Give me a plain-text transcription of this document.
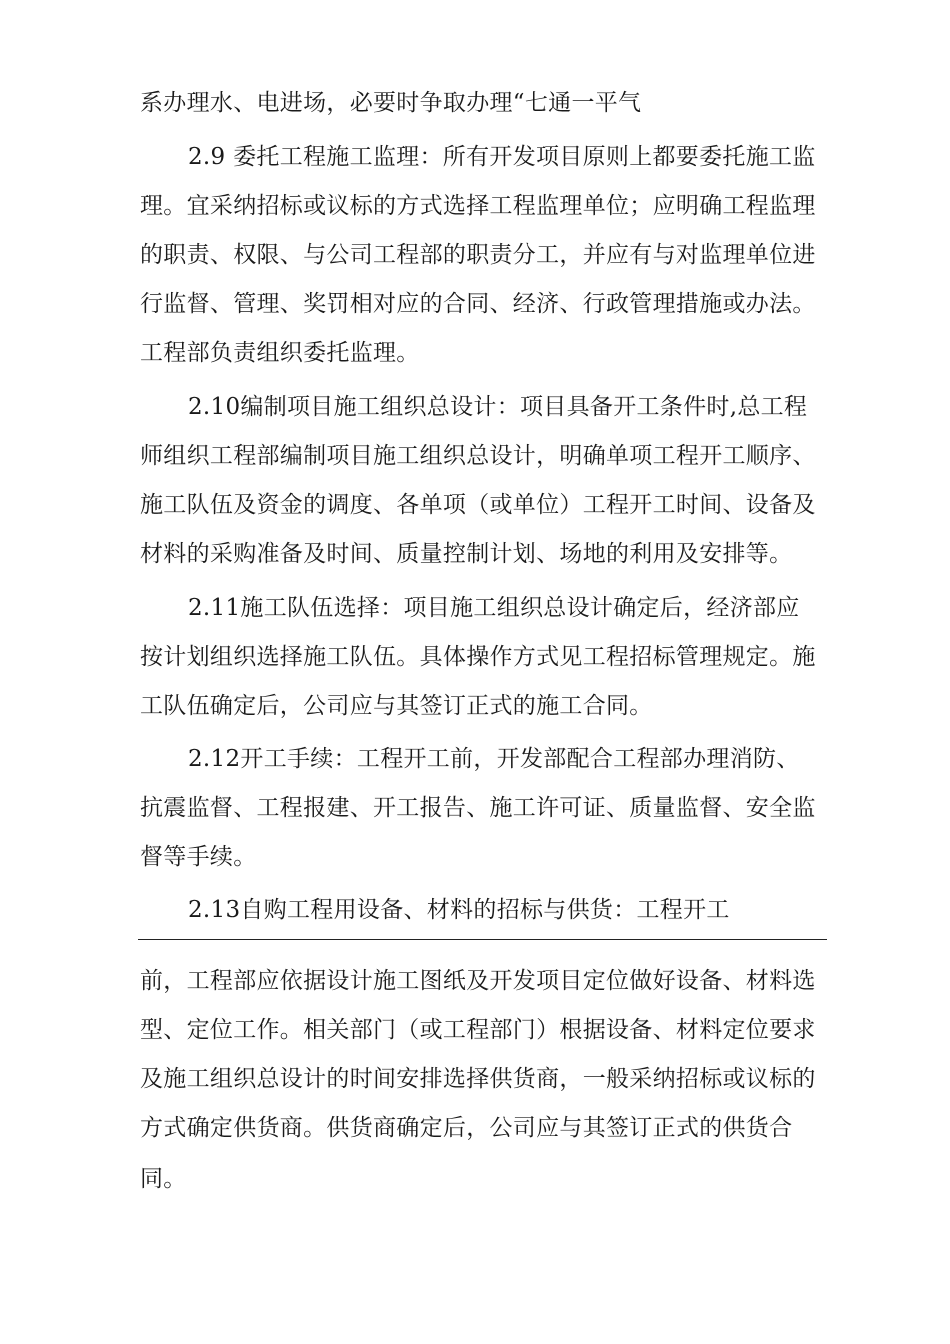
系办理水、电进场，必要时争取办理“七通一平气
2.9 委托工程施工监理：所有开发项目原则上都要委托施工监
理。宜采纳招标或议标的方式选择工程监理单位；应明确工程监理
的职责、权限、与公司工程部的职责分工，并应有与对监理单位进
行监督、管理、奖罚相对应的合同、经济、行政管理措施或办法。
工程部负责组织委托监理。
2.10编制项目施工组织总设计：项目具备开工条件时,总工程
师组织工程部编制项目施工组织总设计，明确单项工程开工顺序、
施工队伍及资金的调度、各单项（或单位）工程开工时间、设备及
材料的采购准备及时间、质量控制计划、场地的利用及安排等。
2.11施工队伍选择：项目施工组织总设计确定后，经济部应
按计划组织选择施工队伍。具体操作方式见工程招标管理规定。施
工队伍确定后，公司应与其签订正式的施工合同。
2.12开工手续：工程开工前，开发部配合工程部办理消防、
抗震监督、工程报建、开工报告、施工许可证、质量监督、安全监
督等手续。
2.13自购工程用设备、材料的招标与供货：工程开工
前，工程部应依据设计施工图纸及开发项目定位做好设备、材料选
型、定位工作。相关部门（或工程部门）根据设备、材料定位要求
及施工组织总设计的时间安排选择供货商，一般采纳招标或议标的
方式确定供货商。供货商确定后，公司应与其签订正式的供货合
同。
